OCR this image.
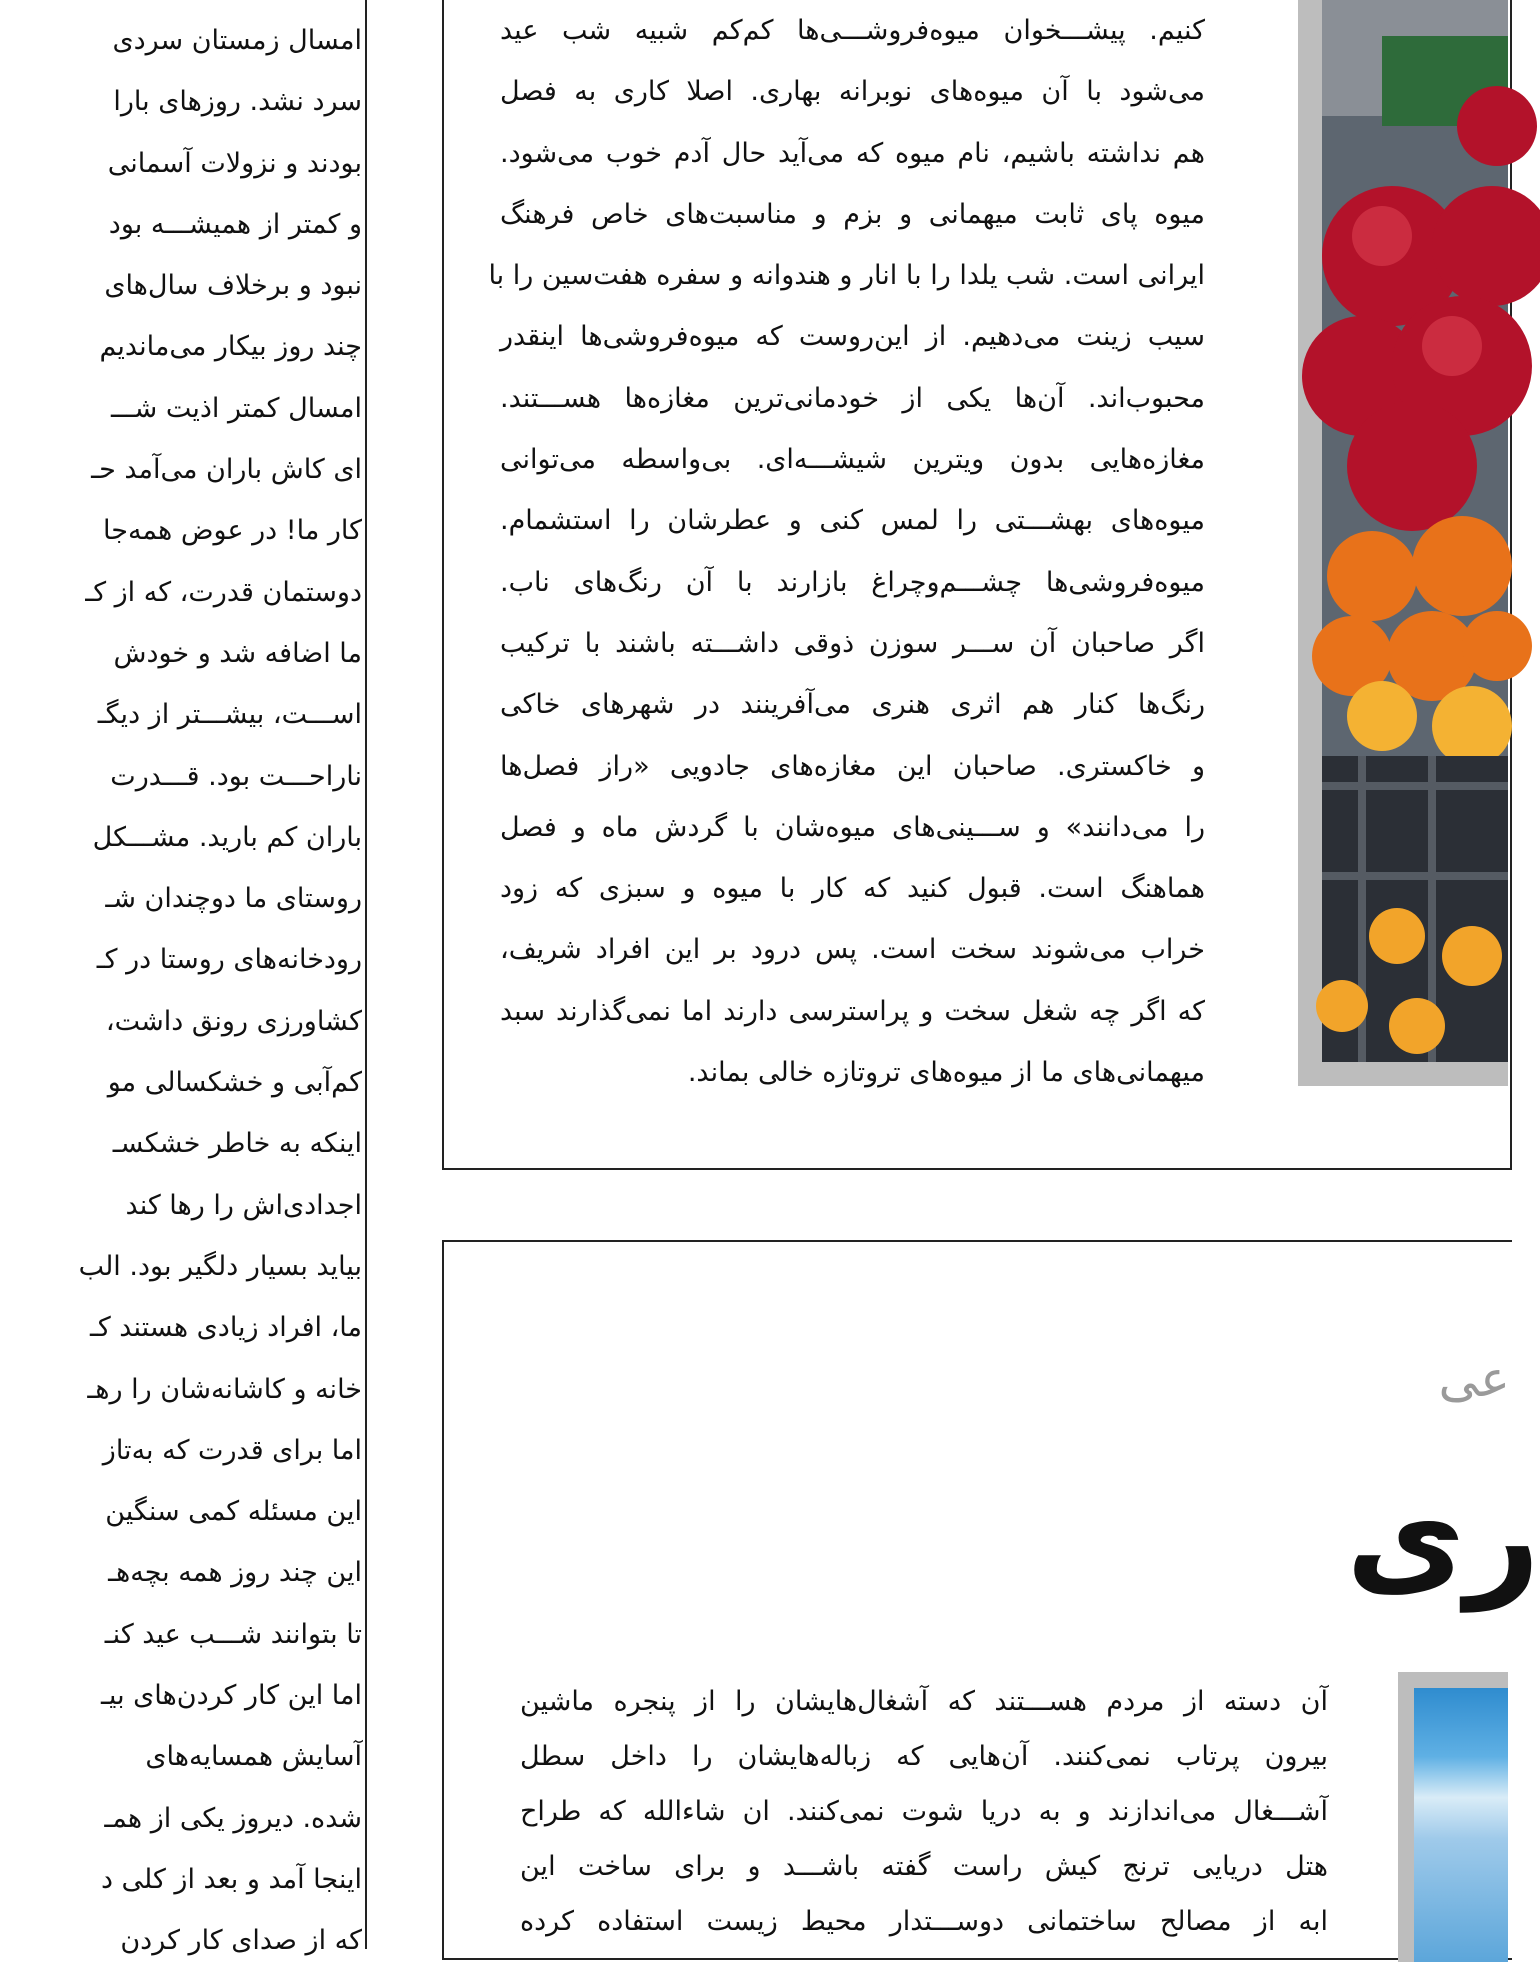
امسال زمستان سردی
سرد نشد. روزهای بارا
بودند و نزولات آسمانی
و کمتر از همیشـــه بود
نبود و برخلاف سال‌های
چند روز بیکار می‌ماندیم
امسال کمتر اذیت شـــ
ای کاش باران می‌آمد حـ
کار ما! در عوض همه‌جا
دوستمان قدرت، که از کـ
ما اضافه شد و خودش
اســـت، بیشـــتر از دیگـ
ناراحـــت بود. قـــدرت
باران کم بارید. مشـــکل
روستای ما دوچندان شـ
رودخانه‌های روستا در کـ
کشاورزی رونق داشت،
کم‌آبی و خشکسالی مو
اینکه به خاطر خشکسـ
اجدادی‌اش را رها کند
بیاید بسیار دلگیر بود. الب
ما، افراد زیادی هستند کـ
خانه و کاشانه‌شان را رهـ
اما برای قدرت که به‌تاز
این مسئله کمی سنگین
این چند روز همه بچه‌هـ
تا بتوانند شـــب عید کنـ
اما این کار کردن‌های بیـ
آسایش همسایه‌های
شده. دیروز یکی از همـ
اینجا آمد و بعد از کلی د
که از صدای کار کردن
کنیم. پیشـــخوان میوه‌فروشـــی‌ها کم‌کم شبیه شب عید
می‌شود با آن میوه‌های نوبرانه بهاری. اصلا کاری به فصل
هم نداشته باشیم، نام میوه که می‌آید حال آدم خوب می‌شود.
میوه پای ثابت میهمانی و بزم و مناسبت‌های خاص فرهنگ
ایرانی است. شب یلدا را با انار و هندوانه و سفره هفت‌سین را با
سیب زینت می‌دهیم. از این‌روست که میوه‌فروشی‌ها اینقدر
محبوب‌اند. آن‌ها یکی از خودمانی‌ترین مغازه‌ها هســـتند.
مغازه‌هایی بدون ویترین شیشـــه‌ای. بی‌واسطه می‌توانی
میوه‌های بهشـــتی را لمس کنی و عطرشان را استشمام.
میوه‌فروشی‌ها چشـــم‌وچراغ بازارند با آن رنگ‌های ناب.
اگر صاحبان آن ســـر سوزن ذوقی داشـــته باشند با ترکیب
رنگ‌ها کنار هم اثری هنری می‌آفرینند در شهرهای خاکی
و خاکستری. صاحبان این مغازه‌های جادویی «راز فصل‌ها
را می‌دانند» و ســـینی‌های میوه‌شان با گردش ماه و فصل
هماهنگ است. قبول کنید که کار با میوه و سبزی که زود
خراب می‌شوند سخت است. پس درود بر این افراد شریف،
که اگر چه شغل سخت و پراسترسی دارند اما نمی‌گذارند سبد
میهمانی‌های ما از میوه‌های تروتازه خالی بماند.
عی
ری
آن دسته از مردم هســـتند که آشغال‌هایشان را از پنجره ماشین
بیرون پرتاب نمی‌کنند. آن‌هایی که زباله‌هایشان را داخل سطل
آشـــغال می‌اندازند و به دریا شوت نمی‌کنند. ان شاءالله که طراح
هتل دریایی ترنج کیش راست گفته باشـــد و برای ساخت این
ابه از مصالح ساختمانی دوســـتدار محیط زیست استفاده کرده
